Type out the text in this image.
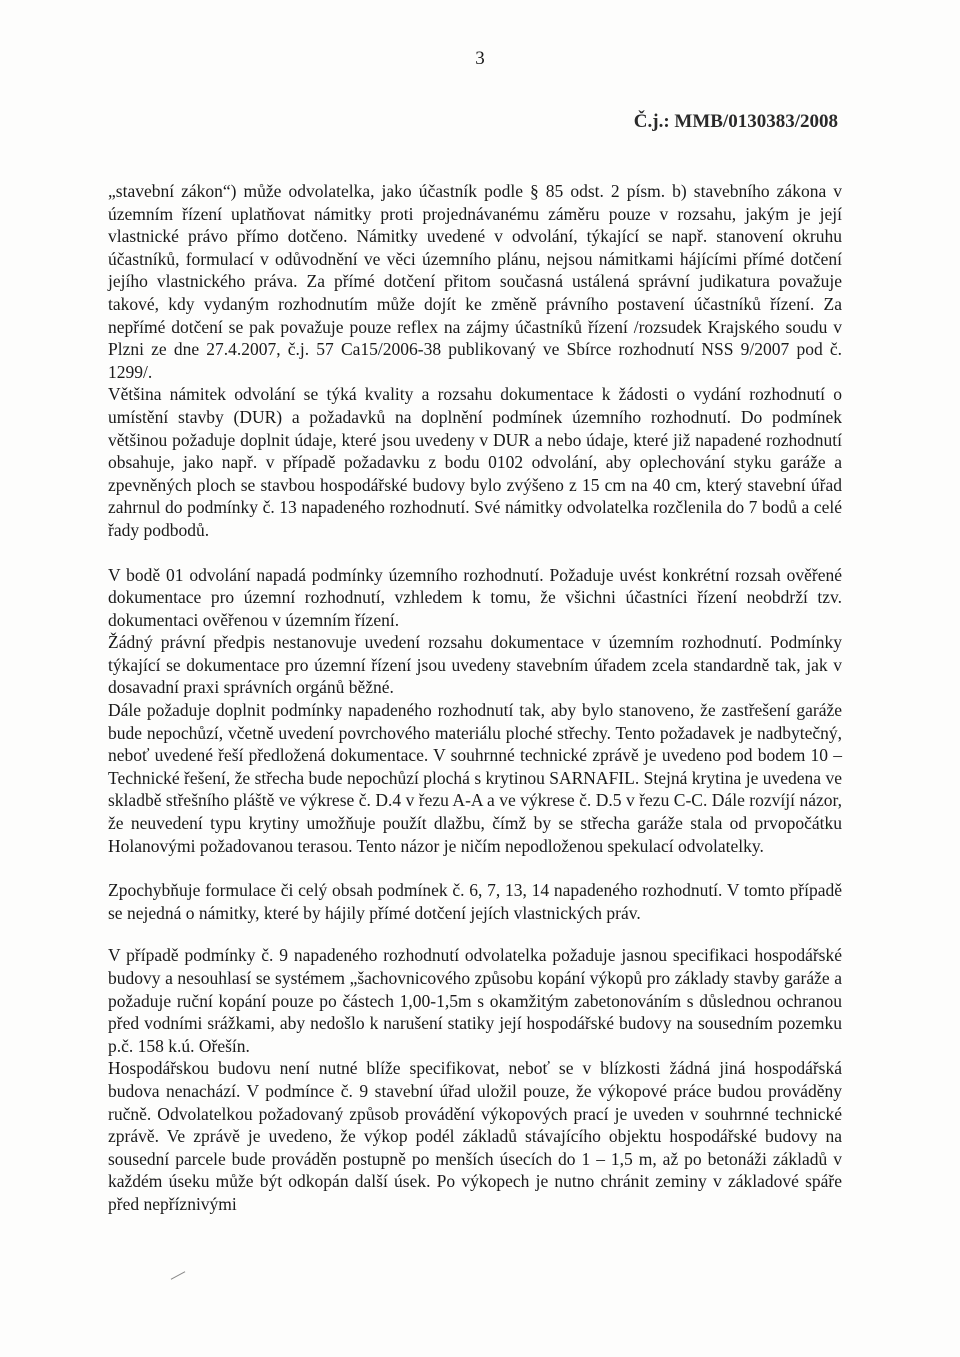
3
Č.j.: MMB/0130383/2008

„stavební zákon“) může odvolatelka, jako účastník podle § 85 odst. 2 písm. b) stavebního zákona v územním řízení uplatňovat námitky proti projednávanému záměru pouze v rozsahu, jakým je její vlastnické právo přímo dotčeno. Námitky uvedené v odvolání, týkající se např. stanovení okruhu účastníků, formulací v odůvodnění ve věci územního plánu, nejsou námitkami hájícími přímé dotčení jejího vlastnického práva. Za přímé dotčení přitom současná ustálená správní judikatura považuje takové, kdy vydaným rozhodnutím může dojít ke změně právního postavení účastníků řízení. Za nepřímé dotčení se pak považuje pouze reflex na zájmy účastníků řízení /rozsudek Krajského soudu v Plzni ze dne 27.4.2007, č.j. 57 Ca15/2006-38 publikovaný ve Sbírce rozhodnutí NSS 9/2007 pod č. 1299/.

Většina námitek odvolání se týká kvality a rozsahu dokumentace k žádosti o vydání rozhodnutí o umístění stavby (DUR) a požadavků na doplnění podmínek územního rozhodnutí. Do podmínek většinou požaduje doplnit údaje, které jsou uvedeny v DUR a nebo údaje, které již napadené rozhodnutí obsahuje, jako např. v případě požadavku z bodu 0102 odvolání, aby oplechování styku garáže a zpevněných ploch se stavbou hospodářské budovy bylo zvýšeno z 15 cm na 40 cm, který stavební úřad zahrnul do podmínky č. 13 napadeného rozhodnutí. Své námitky odvolatelka rozčlenila do 7 bodů a celé řady podbodů.

V bodě 01 odvolání napadá podmínky územního rozhodnutí. Požaduje uvést konkrétní rozsah ověřené dokumentace pro územní rozhodnutí, vzhledem k tomu, že všichni účastníci řízení neobdrží tzv. dokumentaci ověřenou v územním řízení.

Žádný právní předpis nestanovuje uvedení rozsahu dokumentace v územním rozhodnutí. Podmínky týkající se dokumentace pro územní řízení jsou uvedeny stavebním úřadem zcela standardně tak, jak v dosavadní praxi správních orgánů běžné.

Dále požaduje doplnit podmínky napadeného rozhodnutí tak, aby bylo stanoveno, že zastřešení garáže bude nepochůzí, včetně uvedení povrchového materiálu ploché střechy. Tento požadavek je nadbytečný, neboť uvedené řeší předložená dokumentace. V souhrnné technické zprávě je uvedeno pod bodem 10 – Technické řešení, že střecha bude nepochůzí plochá s krytinou SARNAFIL. Stejná krytina je uvedena ve skladbě střešního pláště ve výkrese č. D.4 v řezu A-A a ve výkrese č. D.5 v řezu C-C. Dále rozvíjí názor, že neuvedení typu krytiny umožňuje použít dlažbu, čímž by se střecha garáže stala od prvopočátku Holanovými požadovanou terasou. Tento názor je ničím nepodloženou spekulací odvolatelky.

Zpochybňuje formulace či celý obsah podmínek č. 6, 7, 13, 14 napadeného rozhodnutí. V tomto případě se nejedná o námitky, které by hájily přímé dotčení jejích vlastnických práv.

V případě podmínky č. 9 napadeného rozhodnutí odvolatelka požaduje jasnou specifikaci hospodářské budovy a nesouhlasí se systémem „šachovnicového způsobu kopání výkopů pro základy stavby garáže a požaduje ruční kopání pouze po částech 1,00-1,5m s okamžitým zabetonováním s důslednou ochranou před vodními srážkami, aby nedošlo k narušení statiky její hospodářské budovy na sousedním pozemku p.č. 158 k.ú. Ořešín.

Hospodářskou budovu není nutné blíže specifikovat, neboť se v blízkosti žádná jiná hospodářská budova nenachází. V podmínce č. 9 stavební úřad uložil pouze, že výkopové práce budou prováděny ručně. Odvolatelkou požadovaný způsob provádění výkopových prací je uveden v souhrnné technické zprávě. Ve zprávě je uvedeno, že výkop podél základů stávajícího objektu hospodářské budovy na sousední parcele bude prováděn postupně po menších úsecích do 1 – 1,5 m, až po betonáži základů v každém úseku může být odkopán další úsek. Po výkopech je nutno chránit zeminy v základové spáře před nepříznivými
